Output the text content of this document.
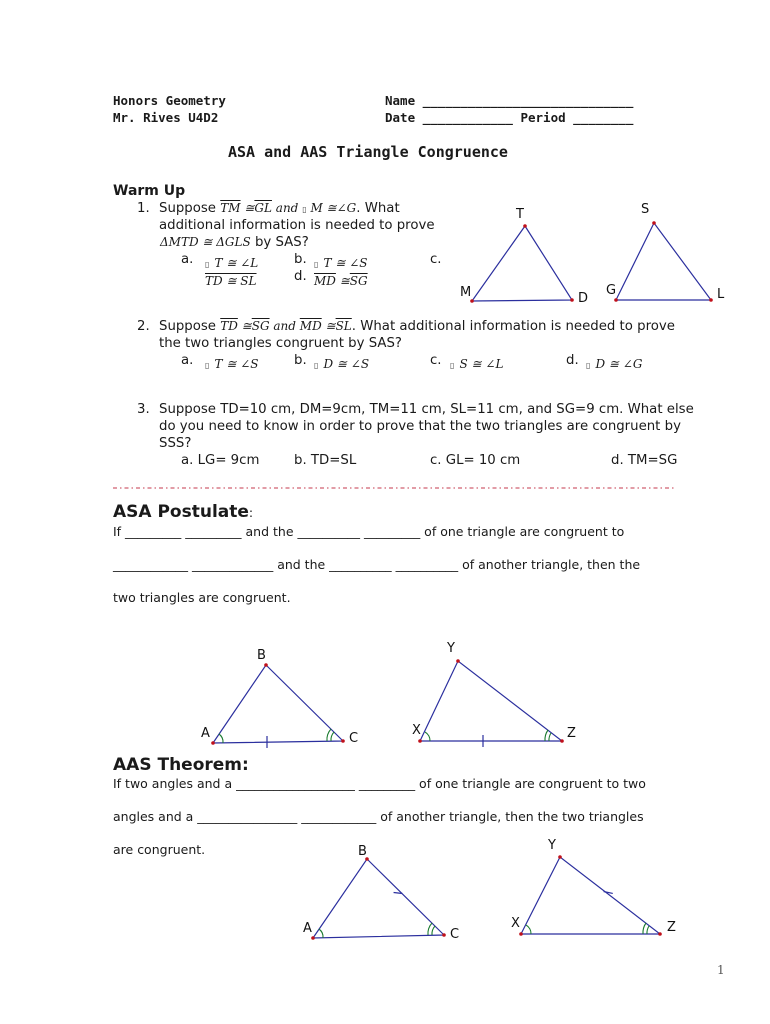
Honors Geometry
Mr. Rives U4D2
Name ____________________________
Date ____________ Period ________
ASA and AAS Triangle Congruence
Warm Up
1. Suppose $\overline{TM}$ $≅\overline{GL}$ and ▯ M ≅∠G. What
additional information is needed to prove
ΔMTD ≅ ΔGLS by SAS?
a. ▯ T ≅ ∠L
TD ≅ SL
b. ▯ T ≅ ∠S
d. $\overline{MD}$ $≅\overline{SG}$
c.
T
M	D
S
G	L
2. Suppose $\overline{TD}$ $≅\overline{SG}$ and $\overline{MD}$ $≅\overline{SL}$. What additional information is needed to prove
the two triangles congruent by SAS?
a. ▯ T ≅ ∠S	b. ▯ D ≅ ∠S	c. ▯ S ≅ ∠L	d. ▯ D ≅ ∠G
3. Suppose TD=10 cm, DM=9cm, TM=11 cm, SL=11 cm, and SG=9 cm. What else
do you need to know in order to prove that the two triangles are congruent by
SSS?
a. LG= 9cm	b. TD=SL	c. GL= 10 cm	d. TM=SG
ASA Postulate:
If _________ _________ and the __________ _________ of one triangle are congruent to
____________ _____________ and the __________ __________ of another triangle, then the
two triangles are congruent.
B
A	C
Y
X	Z
AAS Theorem:
If two angles and a ___________________ _________ of one triangle are congruent to two
angles and a ________________ ____________ of another triangle, then the two triangles
are congruent.	B
A	C
Y
X	Z
1
